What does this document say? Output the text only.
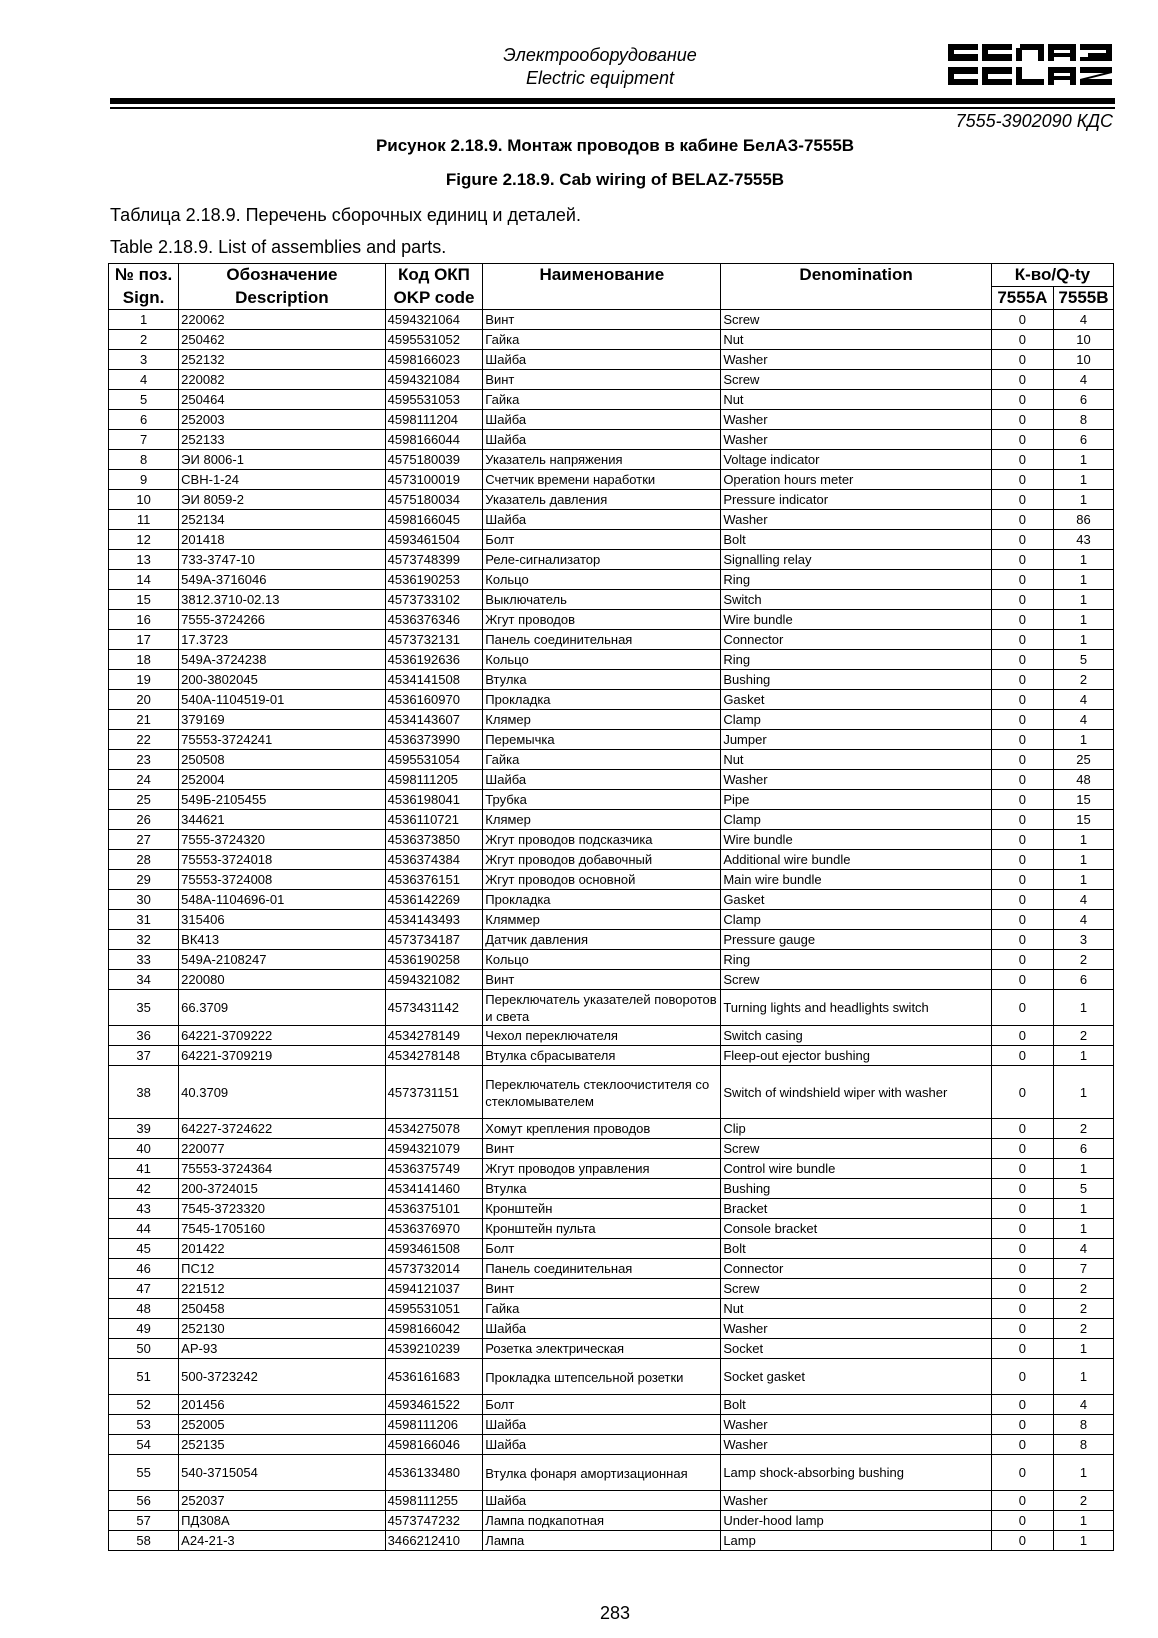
Электрооборудование
Electric equipment
7555-3902090 КДС
Рисунок 2.18.9. Монтаж проводов в кабине БелАЗ-7555В
Figure 2.18.9. Cab wiring of BELAZ-7555B
Таблица 2.18.9. Перечень сборочных единиц и деталей.
Table 2.18.9. List of assemblies and parts.
№ поз.	Обозначение	Код ОКП	Наименование	Denomination	К-во/Q-ty	
Sign.	Description	OKP code			7555A	7555B
1	220062	4594321064	Винт	Screw	0	4
2	250462	4595531052	Гайка	Nut	0	10
3	252132	4598166023	Шайба	Washer	0	10
4	220082	4594321084	Винт	Screw	0	4
5	250464	4595531053	Гайка	Nut	0	6
6	252003	4598111204	Шайба	Washer	0	8
7	252133	4598166044	Шайба	Washer	0	6
8	ЭИ 8006-1	4575180039	Указатель напряжения	Voltage indicator	0	1
9	СВН-1-24	4573100019	Счетчик времени наработки	Operation hours meter	0	1
10	ЭИ 8059-2	4575180034	Указатель давления	Pressure indicator	0	1
11	252134	4598166045	Шайба	Washer	0	86
12	201418	4593461504	Болт	Bolt	0	43
13	733-3747-10	4573748399	Реле-сигнализатор	Signalling relay	0	1
14	549А-3716046	4536190253	Кольцо	Ring	0	1
15	3812.3710-02.13	4573733102	Выключатель	Switch	0	1
16	7555-3724266	4536376346	Жгут проводов	Wire bundle	0	1
17	17.3723	4573732131	Панель соединительная	Connector	0	1
18	549А-3724238	4536192636	Кольцо	Ring	0	5
19	200-3802045	4534141508	Втулка	Bushing	0	2
20	540А-1104519-01	4536160970	Прокладка	Gasket	0	4
21	379169	4534143607	Клямер	Clamp	0	4
22	75553-3724241	4536373990	Перемычка	Jumper	0	1
23	250508	4595531054	Гайка	Nut	0	25
24	252004	4598111205	Шайба	Washer	0	48
25	549Б-2105455	4536198041	Трубка	Pipe	0	15
26	344621	4536110721	Клямер	Clamp	0	15
27	7555-3724320	4536373850	Жгут проводов подсказчика	Wire bundle	0	1
28	75553-3724018	4536374384	Жгут проводов добавочный	Additional wire bundle	0	1
29	75553-3724008	4536376151	Жгут проводов основной	Main wire bundle	0	1
30	548А-1104696-01	4536142269	Прокладка	Gasket	0	4
31	315406	4534143493	Кляммер	Clamp	0	4
32	ВК413	4573734187	Датчик давления	Pressure gauge	0	3
33	549А-2108247	4536190258	Кольцо	Ring	0	2
34	220080	4594321082	Винт	Screw	0	6
35	66.3709	4573431142	Переключатель указателей поворотов и света	Turning lights and headlights switch	0	1
36	64221-3709222	4534278149	Чехол переключателя	Switch casing	0	2
37	64221-3709219	4534278148	Втулка сбрасывателя	Fleep-out ejector bushing	0	1
38	40.3709	4573731151	Переключатель стеклоочистителя со стекломывателем	Switch of windshield wiper with washer	0	1
39	64227-3724622	4534275078	Хомут крепления проводов	Clip	0	2
40	220077	4594321079	Винт	Screw	0	6
41	75553-3724364	4536375749	Жгут проводов управления	Control wire bundle	0	1
42	200-3724015	4534141460	Втулка	Bushing	0	5
43	7545-3723320	4536375101	Кронштейн	Bracket	0	1
44	7545-1705160	4536376970	Кронштейн пульта	Console bracket	0	1
45	201422	4593461508	Болт	Bolt	0	4
46	ПС12	4573732014	Панель соединительная	Connector	0	7
47	221512	4594121037	Винт	Screw	0	2
48	250458	4595531051	Гайка	Nut	0	2
49	252130	4598166042	Шайба	Washer	0	2
50	АР-93	4539210239	Розетка электрическая	Socket	0	1
51	500-3723242	4536161683	Прокладка штепсельной розетки	Socket gasket	0	1
52	201456	4593461522	Болт	Bolt	0	4
53	252005	4598111206	Шайба	Washer	0	8
54	252135	4598166046	Шайба	Washer	0	8
55	540-3715054	4536133480	Втулка фонаря амортизационная	Lamp shock-absorbing bushing	0	1
56	252037	4598111255	Шайба	Washer	0	2
57	ПД308А	4573747232	Лампа подкапотная	Under-hood lamp	0	1
58	А24-21-3	3466212410	Лампа	Lamp	0	1
283
